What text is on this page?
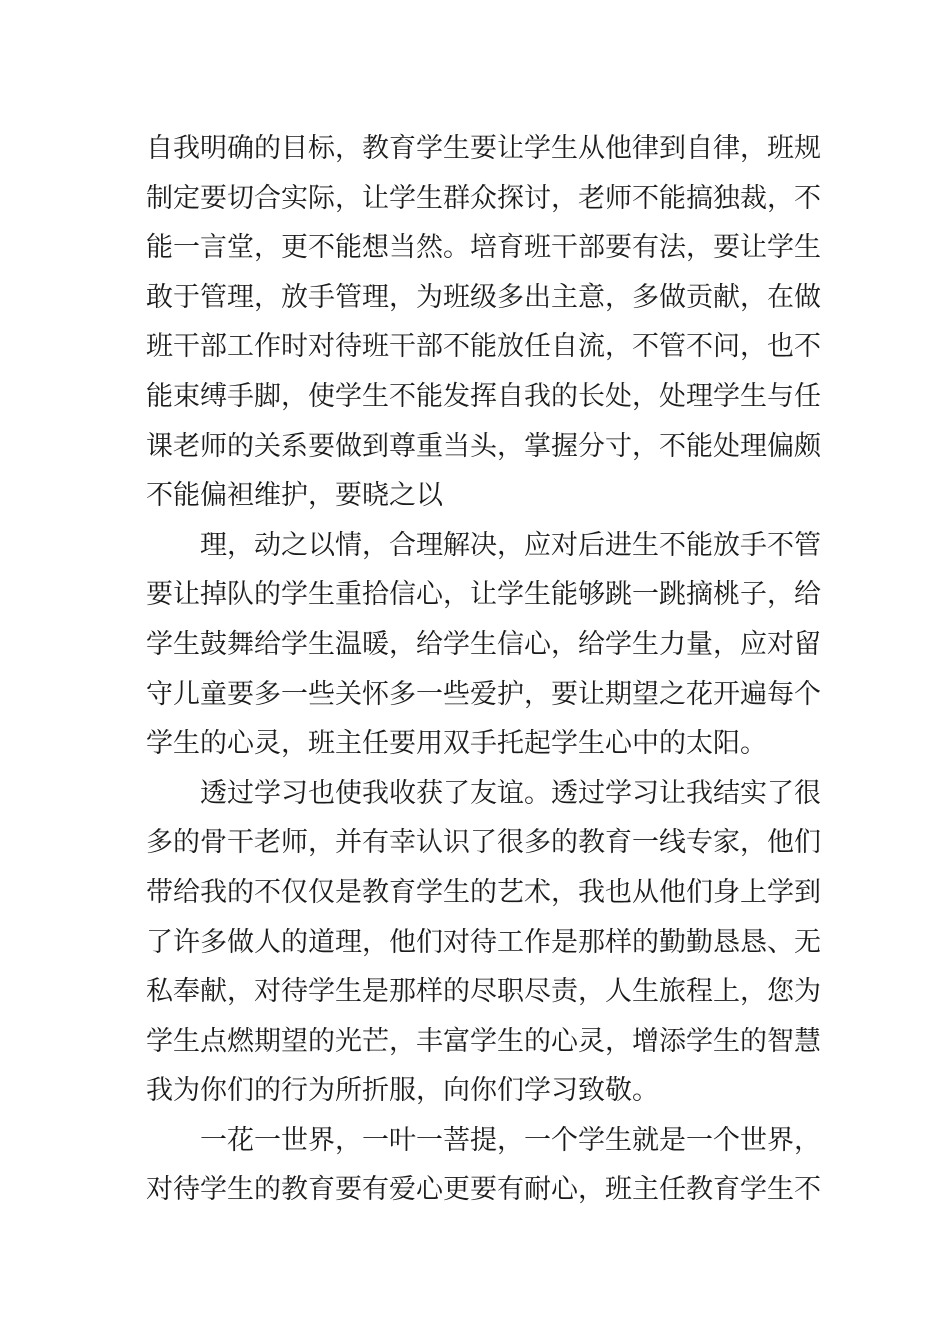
自我明确的目标，教育学生要让学生从他律到自律，班规
制定要切合实际，让学生群众探讨，老师不能搞独裁，不
能一言堂，更不能想当然。培育班干部要有法，要让学生
敢于管理，放手管理，为班级多出主意，多做贡献，在做
班干部工作时对待班干部不能放任自流，不管不问，也不
能束缚手脚，使学生不能发挥自我的长处，处理学生与任
课老师的关系要做到尊重当头，掌握分寸，不能处理偏颇
不能偏袒维护，要晓之以
理，动之以情，合理解决，应对后进生不能放手不管
要让掉队的学生重拾信心，让学生能够跳一跳摘桃子，给
学生鼓舞给学生温暖，给学生信心，给学生力量，应对留
守儿童要多一些关怀多一些爱护，要让期望之花开遍每个
学生的心灵，班主任要用双手托起学生心中的太阳。
透过学习也使我收获了友谊。透过学习让我结实了很
多的骨干老师，并有幸认识了很多的教育一线专家，他们
带给我的不仅仅是教育学生的艺术，我也从他们身上学到
了许多做人的道理，他们对待工作是那样的勤勤恳恳、无
私奉献，对待学生是那样的尽职尽责，人生旅程上，您为
学生点燃期望的光芒，丰富学生的心灵，增添学生的智慧
我为你们的行为所折服，向你们学习致敬。
一花一世界，一叶一菩提，一个学生就是一个世界，
对待学生的教育要有爱心更要有耐心，班主任教育学生不
